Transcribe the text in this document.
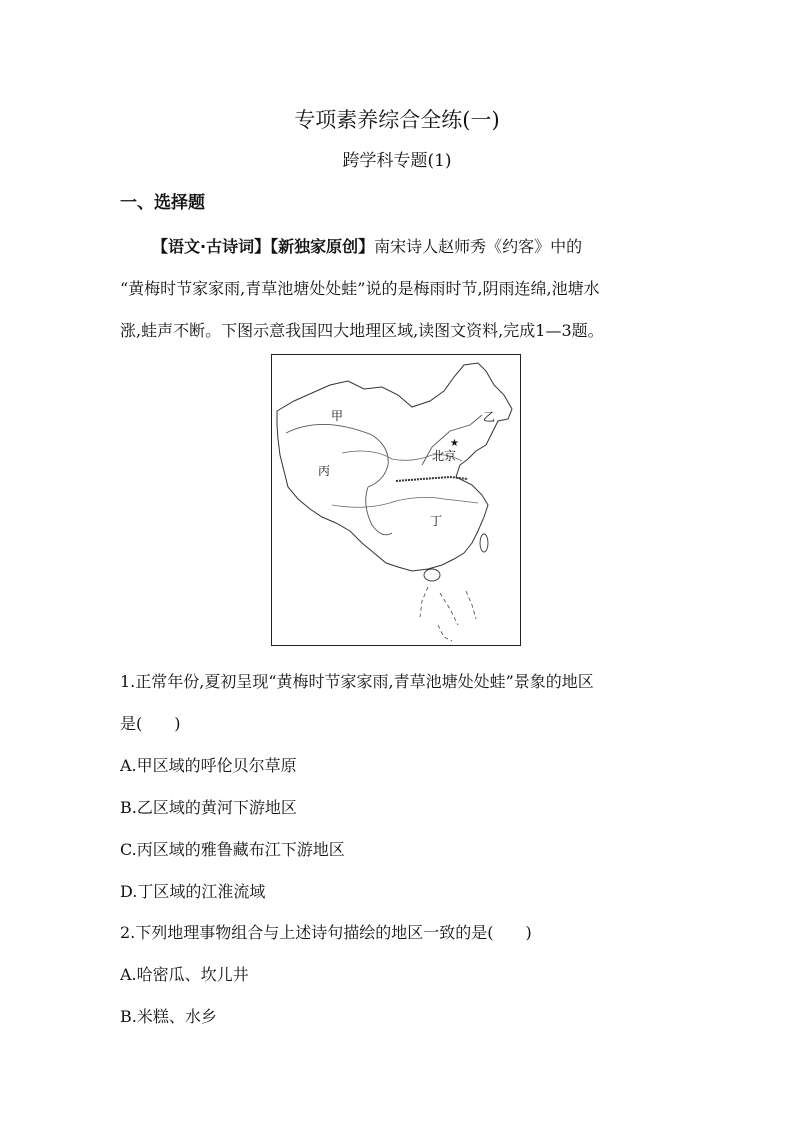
专项素养综合全练(一)
跨学科专题(1)
一、选择题
【语文·古诗词】【新独家原创】南宋诗人赵师秀《约客》中的
“黄梅时节家家雨,青草池塘处处蛙”说的是梅雨时节,阴雨连绵,池塘水
涨,蛙声不断。下图示意我国四大地理区域,读图文资料,完成1—3题。
甲	乙
丙
丁
★
北京
1.正常年份,夏初呈现“黄梅时节家家雨,青草池塘处处蛙”景象的地区
是(　　)
A.甲区域的呼伦贝尔草原
B.乙区域的黄河下游地区
C.丙区域的雅鲁藏布江下游地区
D.丁区域的江淮流域
2.下列地理事物组合与上述诗句描绘的地区一致的是(　　)
A.哈密瓜、坎儿井
B.米糕、水乡
